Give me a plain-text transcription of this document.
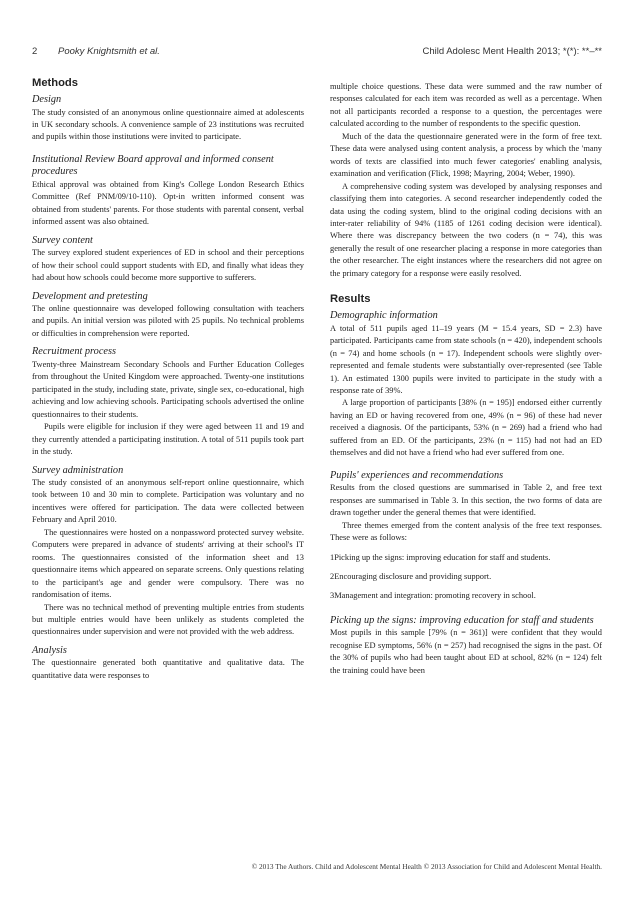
2 Pooky Knightsmith et al.	Child Adolesc Ment Health 2013; *(*): **–**
Methods
Design

The study consisted of an anonymous online questionnaire aimed at adolescents in UK secondary schools. A convenience sample of 23 institutions was recruited and pupils within those institutions were invited to participate.

Institutional Review Board approval and informed consent procedures

Ethical approval was obtained from King's College London Research Ethics Committee (Ref PNM/09/10-110). Opt-in written informed consent was obtained from students' parents. For those students with parental consent, verbal informed assent was also obtained.

Survey content

The survey explored student experiences of ED in school and their perceptions of how their school could support students with ED, and finally what ideas they had about how schools could become more supportive to sufferers.

Development and pretesting

The online questionnaire was developed following consultation with teachers and pupils. An initial version was piloted with 25 pupils. No technical problems or difficulties in comprehension were reported.

Recruitment process

Twenty-three Mainstream Secondary Schools and Further Education Colleges from throughout the United Kingdom were approached. Twenty-one institutions participated in the study, including state, private, single sex, co-educational, high achieving and low achieving schools. Participating schools advertised the online questionnaires to their students.

Pupils were eligible for inclusion if they were aged between 11 and 19 and they currently attended a participating institution. A total of 511 pupils took part in the study.

Survey administration

The study consisted of an anonymous self-report online questionnaire, which took between 10 and 30 min to complete. Participation was voluntary and no incentives were offered for participation. The data were collected between February and April 2010.

The questionnaires were hosted on a nonpassword protected survey website. Computers were prepared in advance of students' arriving at their school's IT rooms. The questionnaires consisted of the information sheet and 13 questionnaire items which appeared on separate screens. Only questions relating to the participant's age and gender were compulsory. There was no randomisation of items.

There was no technical method of preventing multiple entries from students but multiple entries would have been unlikely as students completed the questionnaires under supervision and were not provided with the web address.

Analysis

The questionnaire generated both quantitative and qualitative data. The quantitative data were responses to

multiple choice questions. These data were summed and the raw number of responses calculated for each item was recorded as well as a percentage. When not all participants recorded a response to a question, the percentages were calculated according to the number of respondents to the specific question.

Much of the data the questionnaire generated were in the form of free text. These data were analysed using content analysis, a process by which the 'many words of texts are classified into much fewer categories' enabling analysis, examination and verification (Flick, 1998; Mayring, 2004; Weber, 1990).

A comprehensive coding system was developed by analysing responses and classifying them into categories. A second researcher independently coded the data using the coding system, blind to the original coding decisions with an inter-rater reliability of 94% (1185 of 1261 coding decision were identical). Where there was discrepancy between the two coders (n = 74), this was generally the result of one researcher placing a response in more categories than the other researcher. The eight instances where the researchers did not agree on the primary category for a response were easily resolved.

Results
Demographic information

A total of 511 pupils aged 11–19 years (M = 15.4 years, SD = 2.3) have participated. Participants came from state schools (n = 420), independent schools (n = 74) and home schools (n = 17). Independent schools were slightly over-represented and female students were substantially over-represented (see Table 1). An estimated 1300 pupils were invited to participate in the study with a response rate of 39%.

A large proportion of participants [38% (n = 195)] endorsed either currently having an ED or having recovered from one, 49% (n = 96) of these had never received a diagnosis. Of the participants, 53% (n = 269) had a friend who had suffered from an ED. Of the participants, 23% (n = 115) had not had an ED themselves and did not have a friend who had ever suffered from one.

Pupils' experiences and recommendations

Results from the closed questions are summarised in Table 2, and free text responses are summarised in Table 3. In this section, the two forms of data are drawn together under the general themes that were identified.

Three themes emerged from the content analysis of the free text responses. These were as follows:

1Picking up the signs: improving education for staff and students.

2Encouraging disclosure and providing support.

3Management and integration: promoting recovery in school.

Picking up the signs: improving education for staff and students

Most pupils in this sample [79% (n = 361)] were confident that they would recognise ED symptoms, 56% (n = 257) had recognised the signs in the past. Of the 30% of pupils who had been taught about ED at school, 82% (n = 124) felt the training could have been

© 2013 The Authors. Child and Adolescent Mental Health © 2013 Association for Child and Adolescent Mental Health.
